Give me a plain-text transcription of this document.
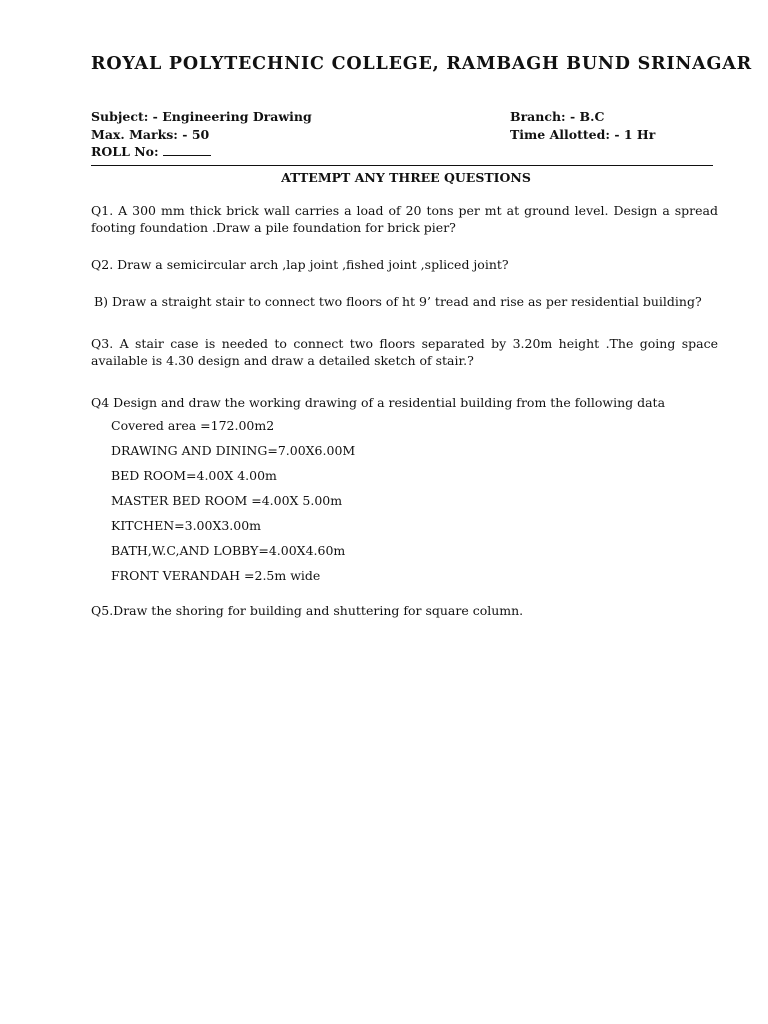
ROYAL POLYTECHNIC COLLEGE, RAMBAGH BUND SRINAGAR
Subject: - Engineering Drawing
Max. Marks: - 50
ROLL No:
Branch: - B.C
Time Allotted: - 1 Hr
ATTEMPT ANY THREE QUESTIONS
Q1. A 300 mm thick brick wall carries a load of 20 tons per mt at ground level. Design a spread footing foundation .Draw a pile foundation for brick pier?
Q2. Draw a semicircular arch ,lap joint ,fished joint ,spliced joint?
B) Draw a straight stair to connect two floors of ht 9’ tread and rise as per residential building?
Q3. A stair case is needed to connect two floors separated by 3.20m height .The going space available is 4.30 design and draw a detailed sketch of stair.?
Q4 Design and draw the working drawing of a residential building from the following data
Covered area =172.00m2
DRAWING AND DINING=7.00X6.00M
BED ROOM=4.00X 4.00m
MASTER BED ROOM =4.00X 5.00m
KITCHEN=3.00X3.00m
BATH,W.C,AND LOBBY=4.00X4.60m
FRONT VERANDAH =2.5m wide
Q5.Draw the shoring for building and shuttering for square column.
